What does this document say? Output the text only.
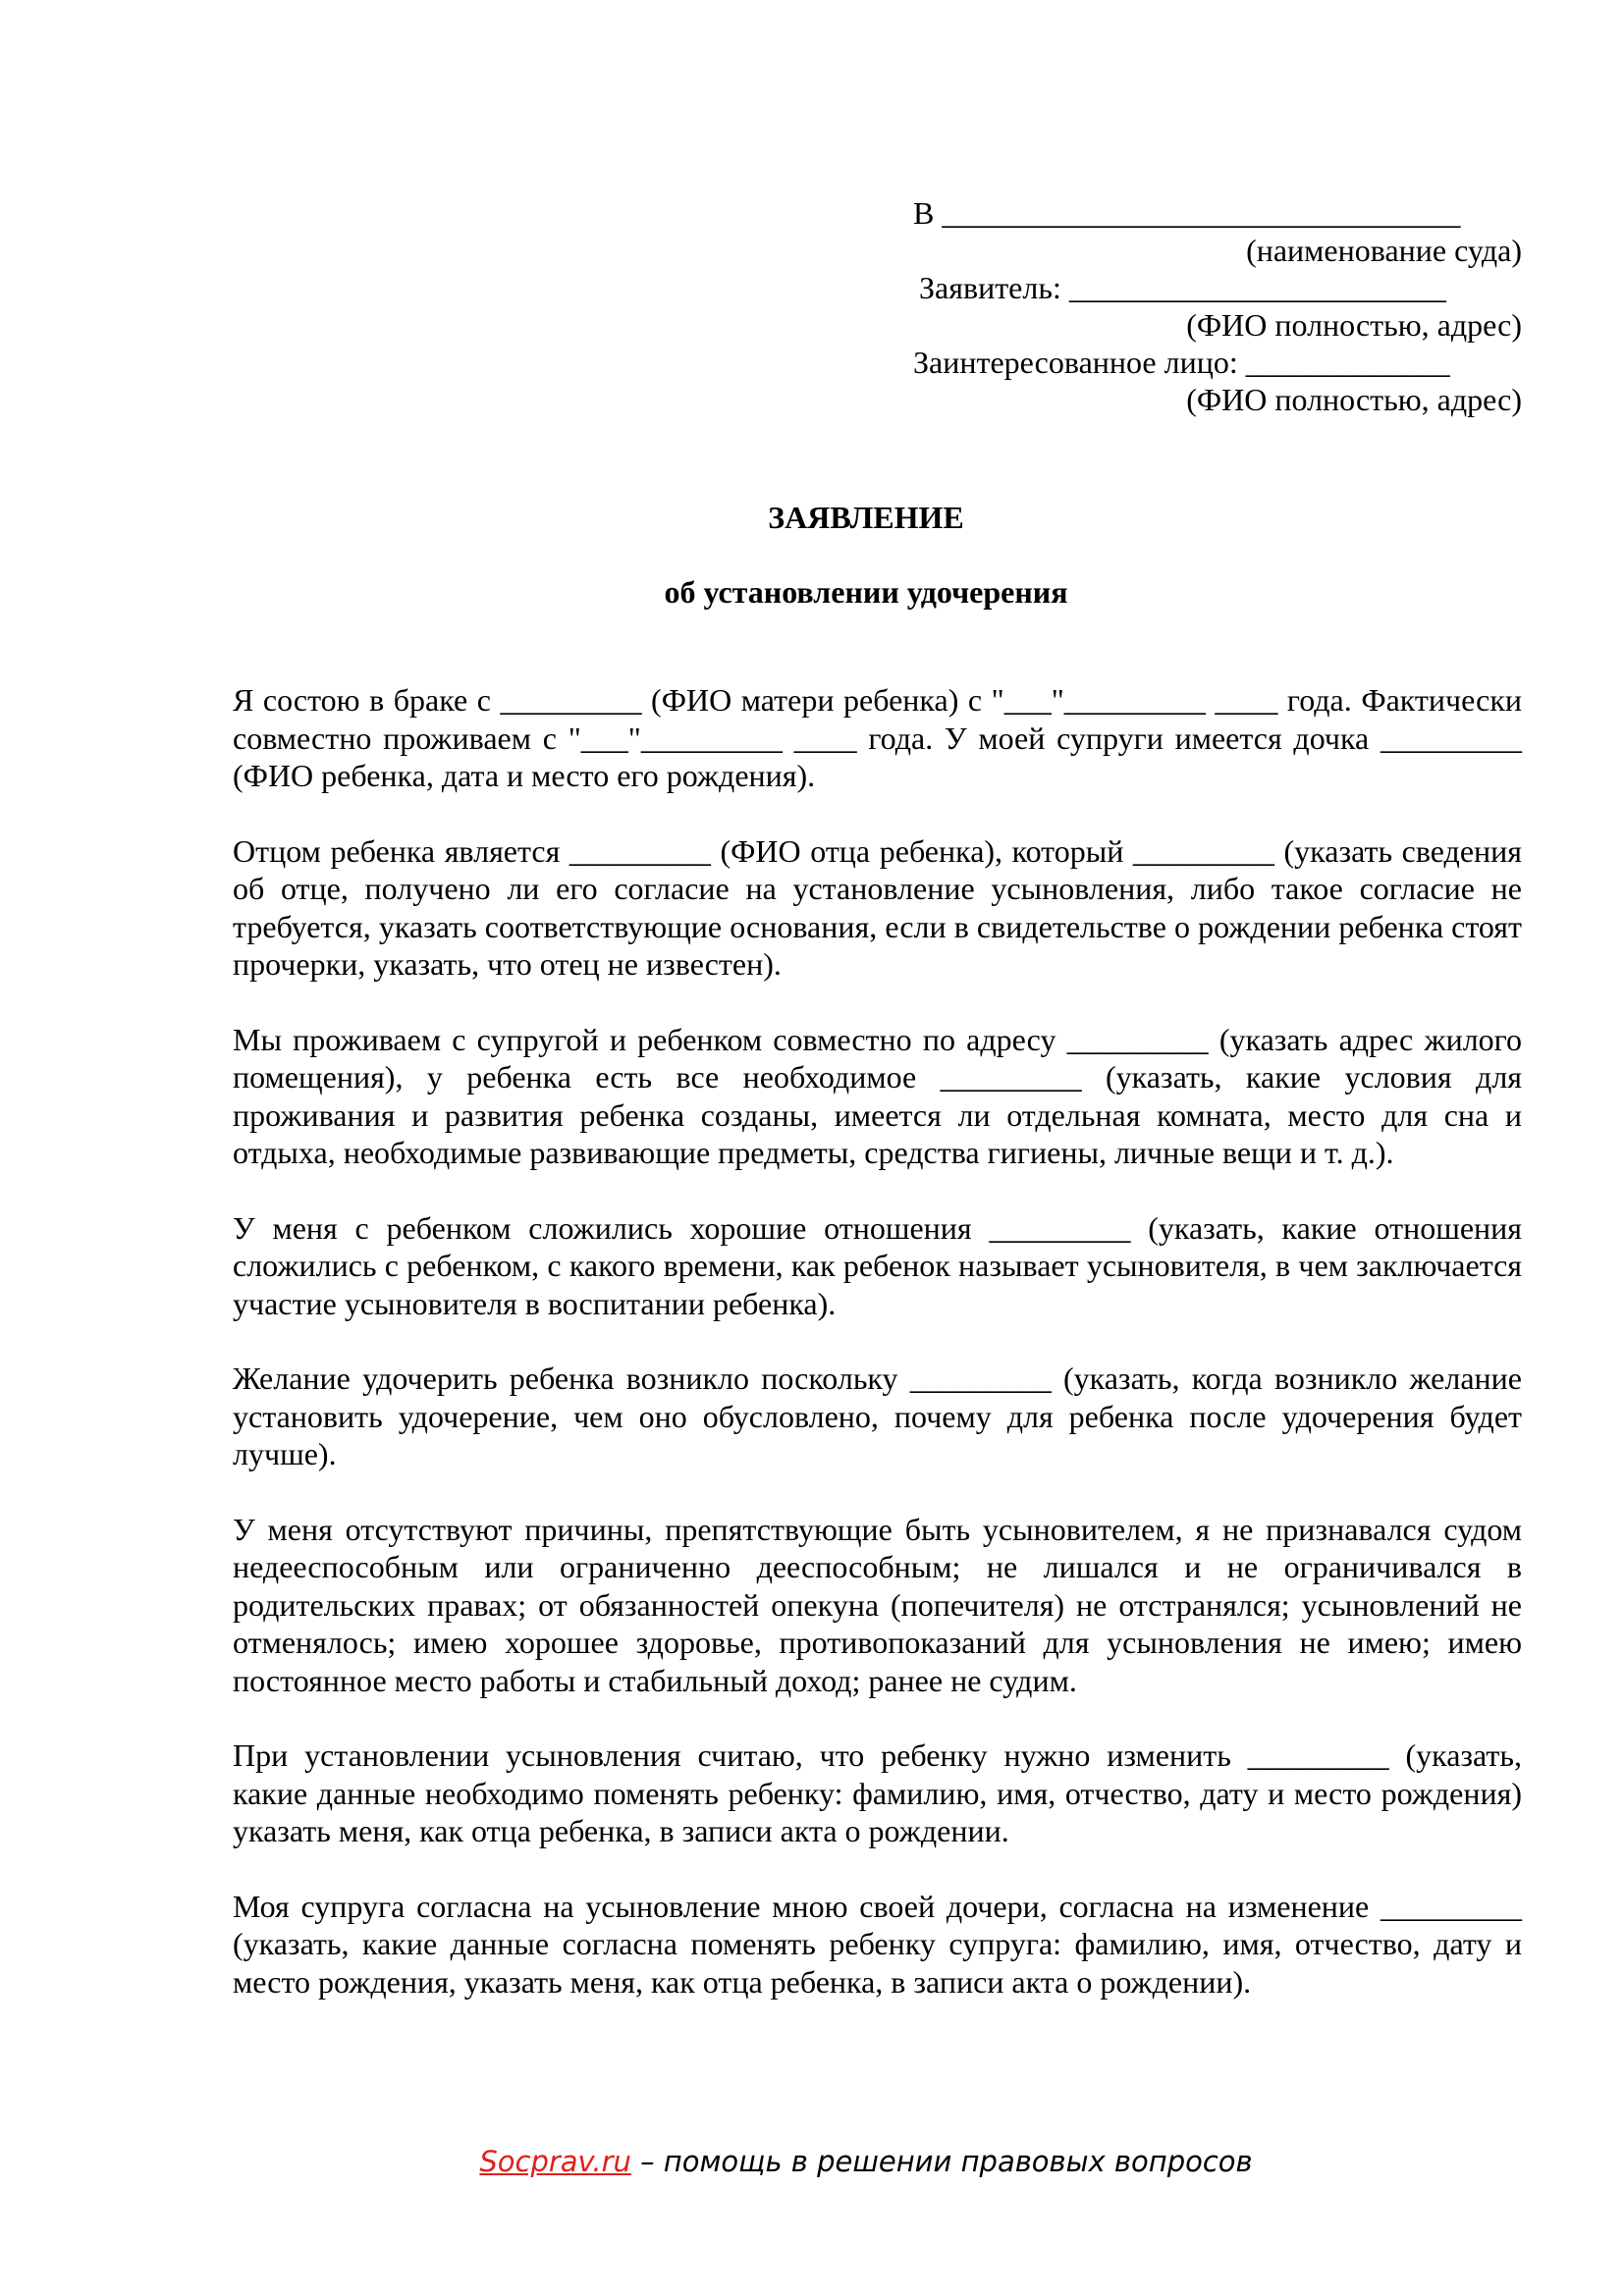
В _________________________________
(наименование суда)
Заявитель: ________________________
(ФИО полностью, адрес)
Заинтересованное лицо: _____________
(ФИО полностью, адрес)
ЗАЯВЛЕНИЕ
об установлении удочерения

Я состою в браке с _________ (ФИО матери ребенка) с "___"_________ ____ года. Фактически совместно проживаем с "___"_________ ____ года. У моей супруги имеется дочка _________ (ФИО ребенка, дата и место его рождения).

Отцом ребенка является _________ (ФИО отца ребенка), который _________ (указать сведения об отце, получено ли его согласие на установление усыновления, либо такое согласие не требуется, указать соответствующие основания, если в свидетельстве о рождении ребенка стоят прочерки, указать, что отец не известен).

Мы проживаем с супругой и ребенком совместно по адресу _________ (указать адрес жилого помещения), у ребенка есть все необходимое _________ (указать, какие условия для проживания и развития ребенка созданы, имеется ли отдельная комната, место для сна и отдыха, необходимые развивающие предметы, средства гигиены, личные вещи и т. д.).

У меня с ребенком сложились хорошие отношения _________ (указать, какие отношения сложились с ребенком, с какого времени, как ребенок называет усыновителя, в чем заключается участие усыновителя в воспитании ребенка).

Желание удочерить ребенка возникло поскольку _________ (указать, когда возникло желание установить удочерение, чем оно обусловлено, почему для ребенка после удочерения будет лучше).

У меня отсутствуют причины, препятствующие быть усыновителем, я не признавался судом недееспособным или ограниченно дееспособным; не лишался и не ограничивался в родительских правах; от обязанностей опекуна (попечителя) не отстранялся; усыновлений не отменялось; имею хорошее здоровье, противопоказаний для усыновления не имею; имею постоянное место работы и стабильный доход; ранее не судим.

При установлении усыновления считаю, что ребенку нужно изменить _________ (указать, какие данные необходимо поменять ребенку: фамилию, имя, отчество, дату и место рождения) указать меня, как отца ребенка, в записи акта о рождении.

Моя супруга согласна на усыновление мною своей дочери, согласна на изменение _________ (указать, какие данные согласна поменять ребенку супруга: фамилию, имя, отчество, дату и место рождения, указать меня, как отца ребенка, в записи акта о рождении).

Socprav.ru – помощь в решении правовых вопросов
